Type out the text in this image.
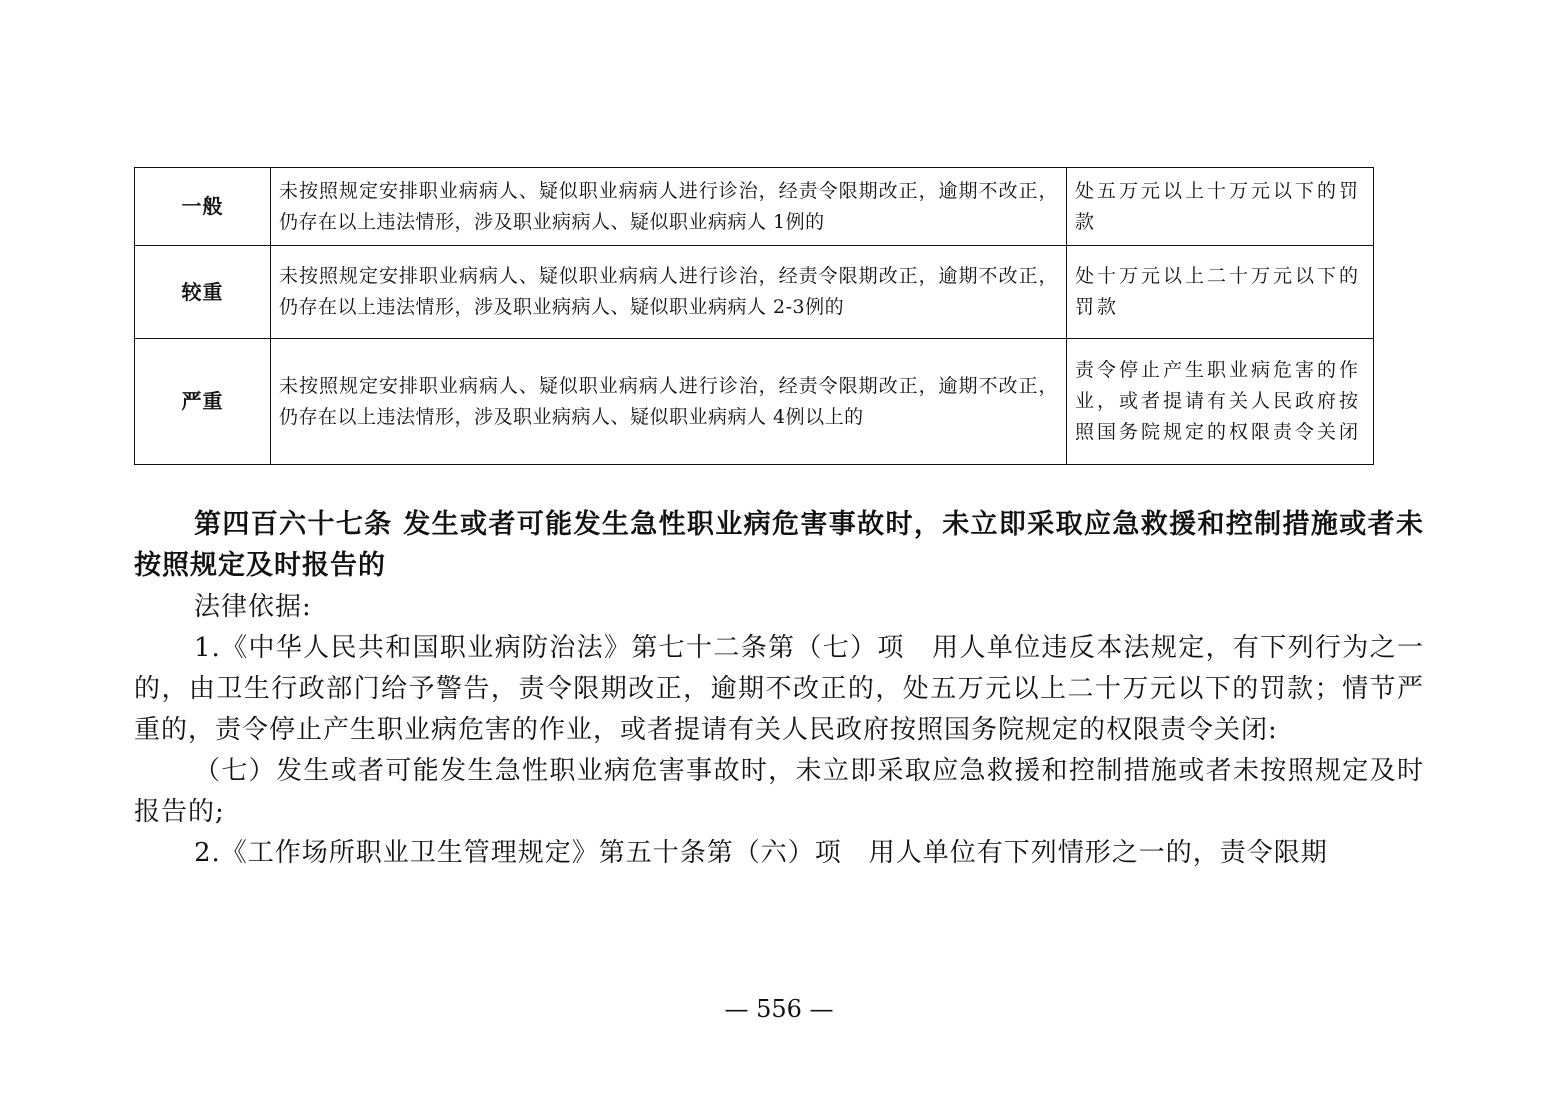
一般	未按照规定安排职业病病人、疑似职业病病人进行诊治，经责令限期改正，逾期不改正，仍存在以上违法情形，涉及职业病病人、疑似职业病病人 1例的	处五万元以上十万元以下的罚款
较重	未按照规定安排职业病病人、疑似职业病病人进行诊治，经责令限期改正，逾期不改正，仍存在以上违法情形，涉及职业病病人、疑似职业病病人 2-3例的	处十万元以上二十万元以下的罚款
严重	未按照规定安排职业病病人、疑似职业病病人进行诊治，经责令限期改正，逾期不改正，仍存在以上违法情形，涉及职业病病人、疑似职业病病人 4例以上的	责令停止产生职业病危害的作业，或者提请有关人民政府按照国务院规定的权限责令关闭
第四百六十七条 发生或者可能发生急性职业病危害事故时，未立即采取应急救援和控制措施或者未按照规定及时报告的

法律依据:

1.《中华人民共和国职业病防治法》第七十二条第（七）项　用人单位违反本法规定，有下列行为之一的，由卫生行政部门给予警告，责令限期改正，逾期不改正的，处五万元以上二十万元以下的罚款；情节严重的，责令停止产生职业病危害的作业，或者提请有关人民政府按照国务院规定的权限责令关闭:

（七）发生或者可能发生急性职业病危害事故时，未立即采取应急救援和控制措施或者未按照规定及时报告的;

2.《工作场所职业卫生管理规定》第五十条第（六）项　用人单位有下列情形之一的，责令限期

— 556 —
